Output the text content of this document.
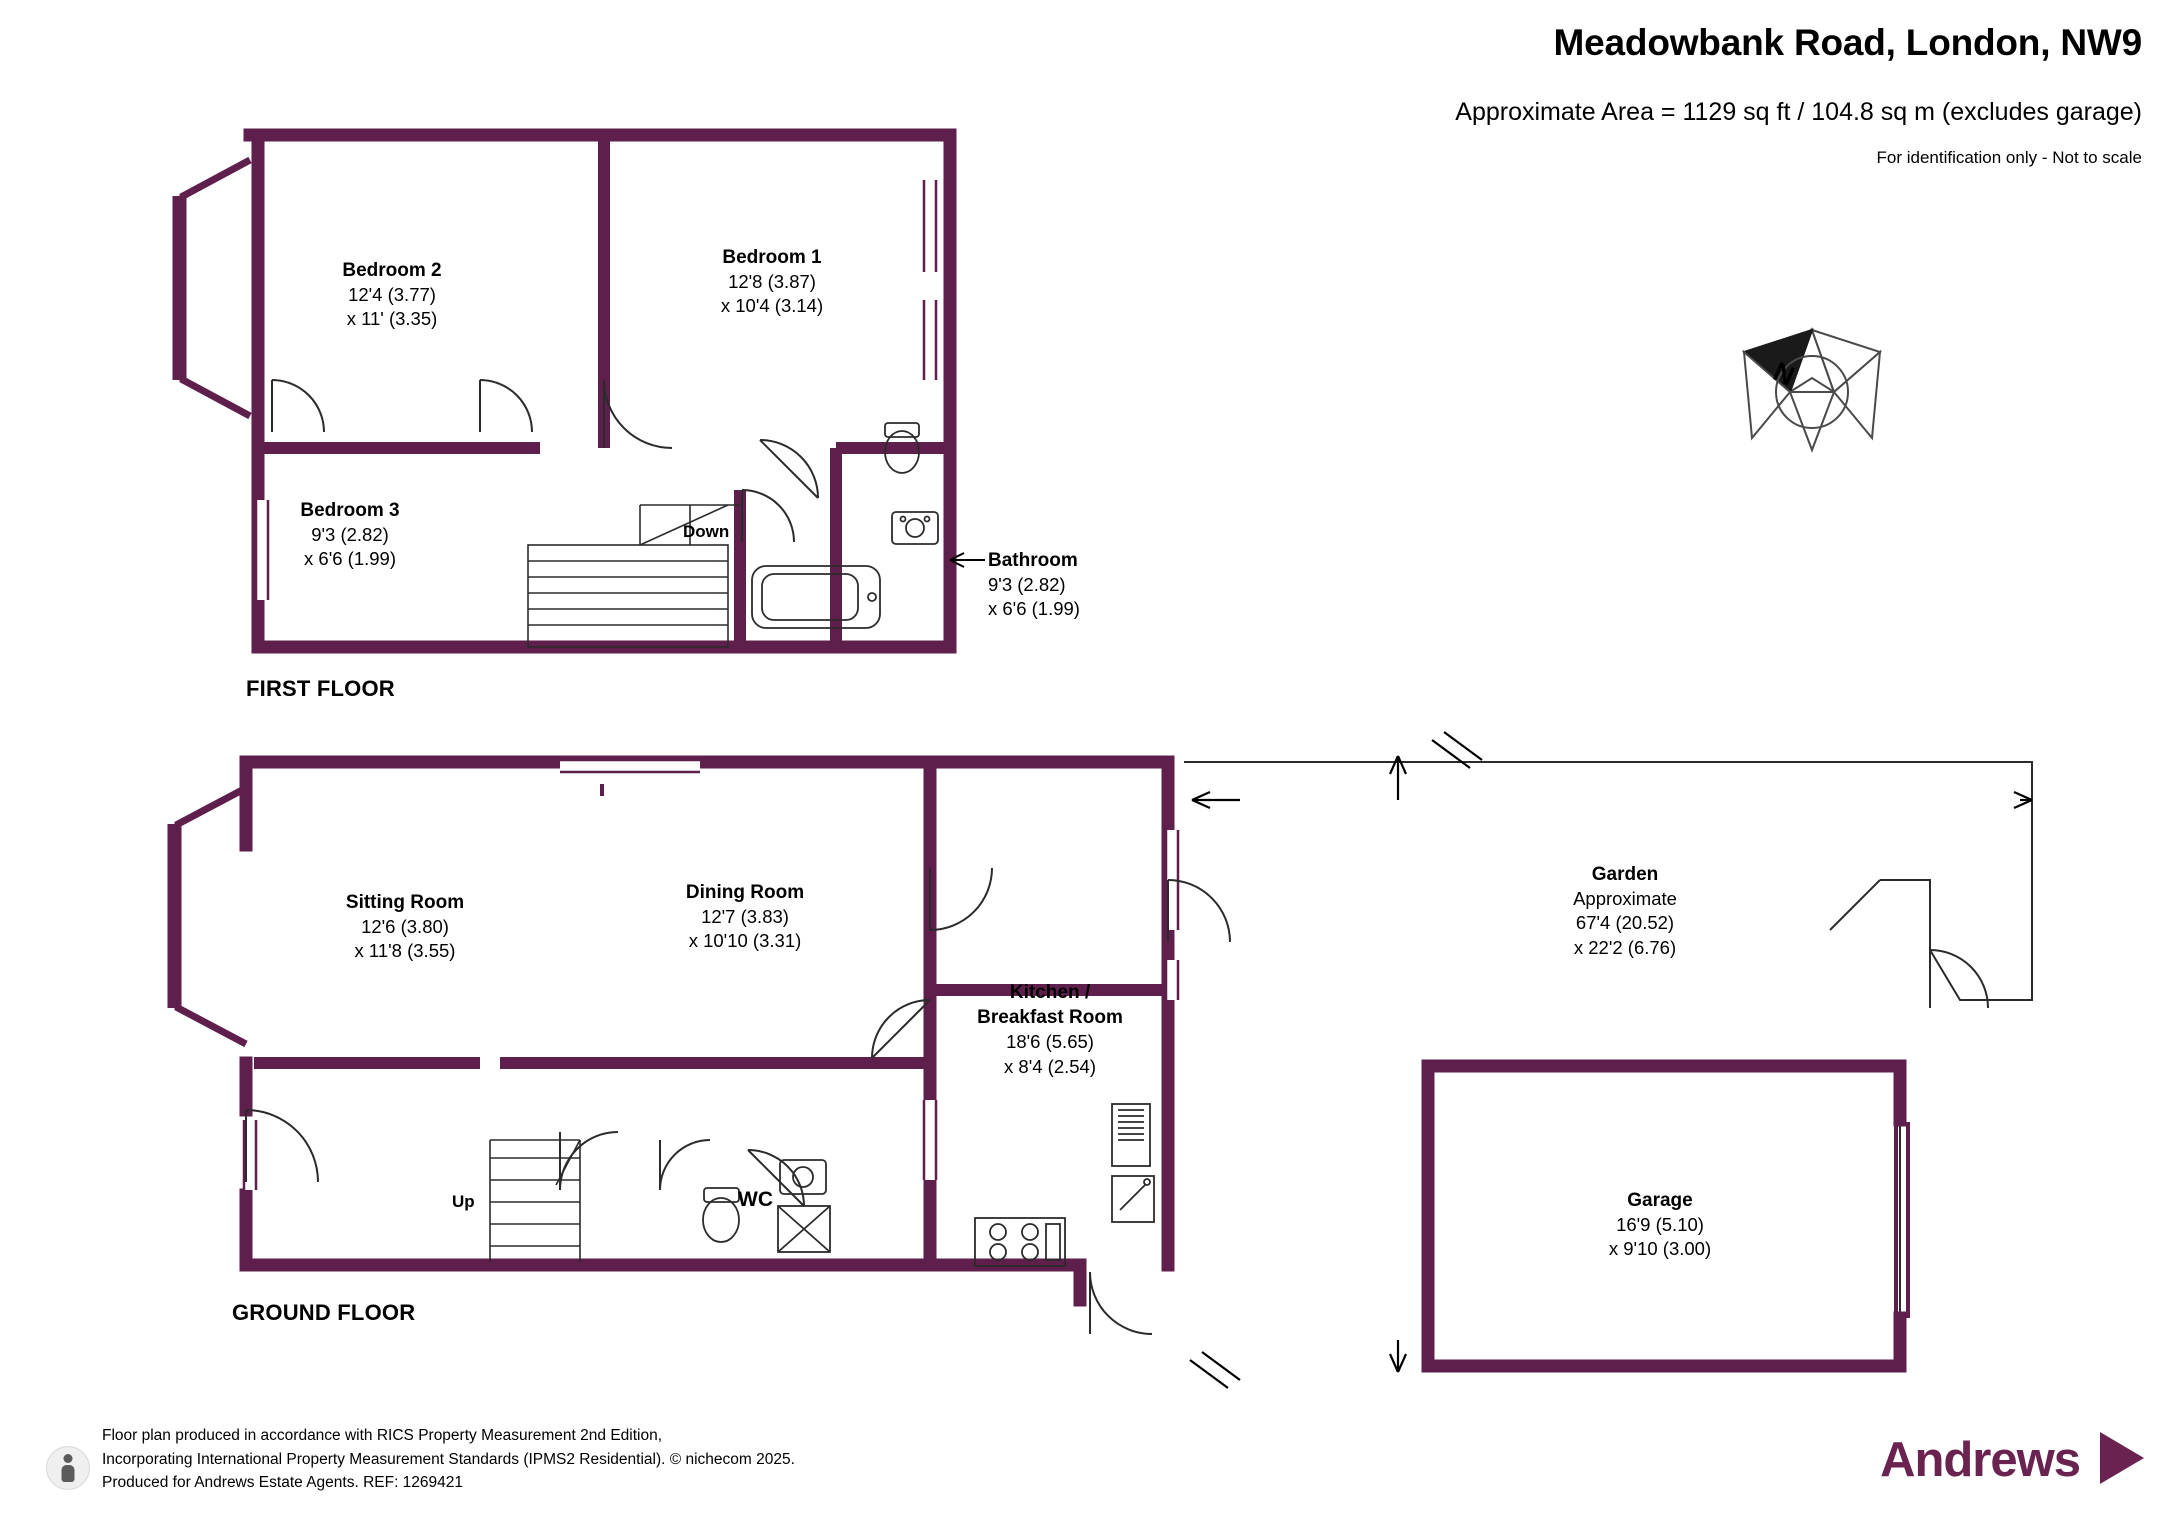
Meadowbank Road, London, NW9
Approximate Area = 1129 sq ft / 104.8 sq m (excludes garage)
For identification only - Not to scale
N
FIRST FLOOR
Bedroom 2
12'4 (3.77)
x 11' (3.35)
Bedroom 1
12'8 (3.87)
x 10'4 (3.14)
Bedroom 3
9'3 (2.82)
x 6'6 (1.99)	Bathroom
9'3 (2.82)
x 6'6 (1.99)
Down
GROUND FLOOR
Sitting Room
12'6 (3.80)
x 11'8 (3.55)
Dining Room
12'7 (3.83)
x 10'10 (3.31)
Kitchen /
Breakfast Room
18'6 (5.65)
x 8'4 (2.54)
Garden
Approximate
67'4 (20.52)
x 22'2 (6.76)
Garage
16'9 (5.10)
x 9'10 (3.00)
Up	WC
Floor plan produced in accordance with RICS Property Measurement 2nd Edition,
Incorporating International Property Measurement Standards (IPMS2 Residential). © nichecom 2025.
Produced for Andrews Estate Agents. REF: 1269421	Andrews
